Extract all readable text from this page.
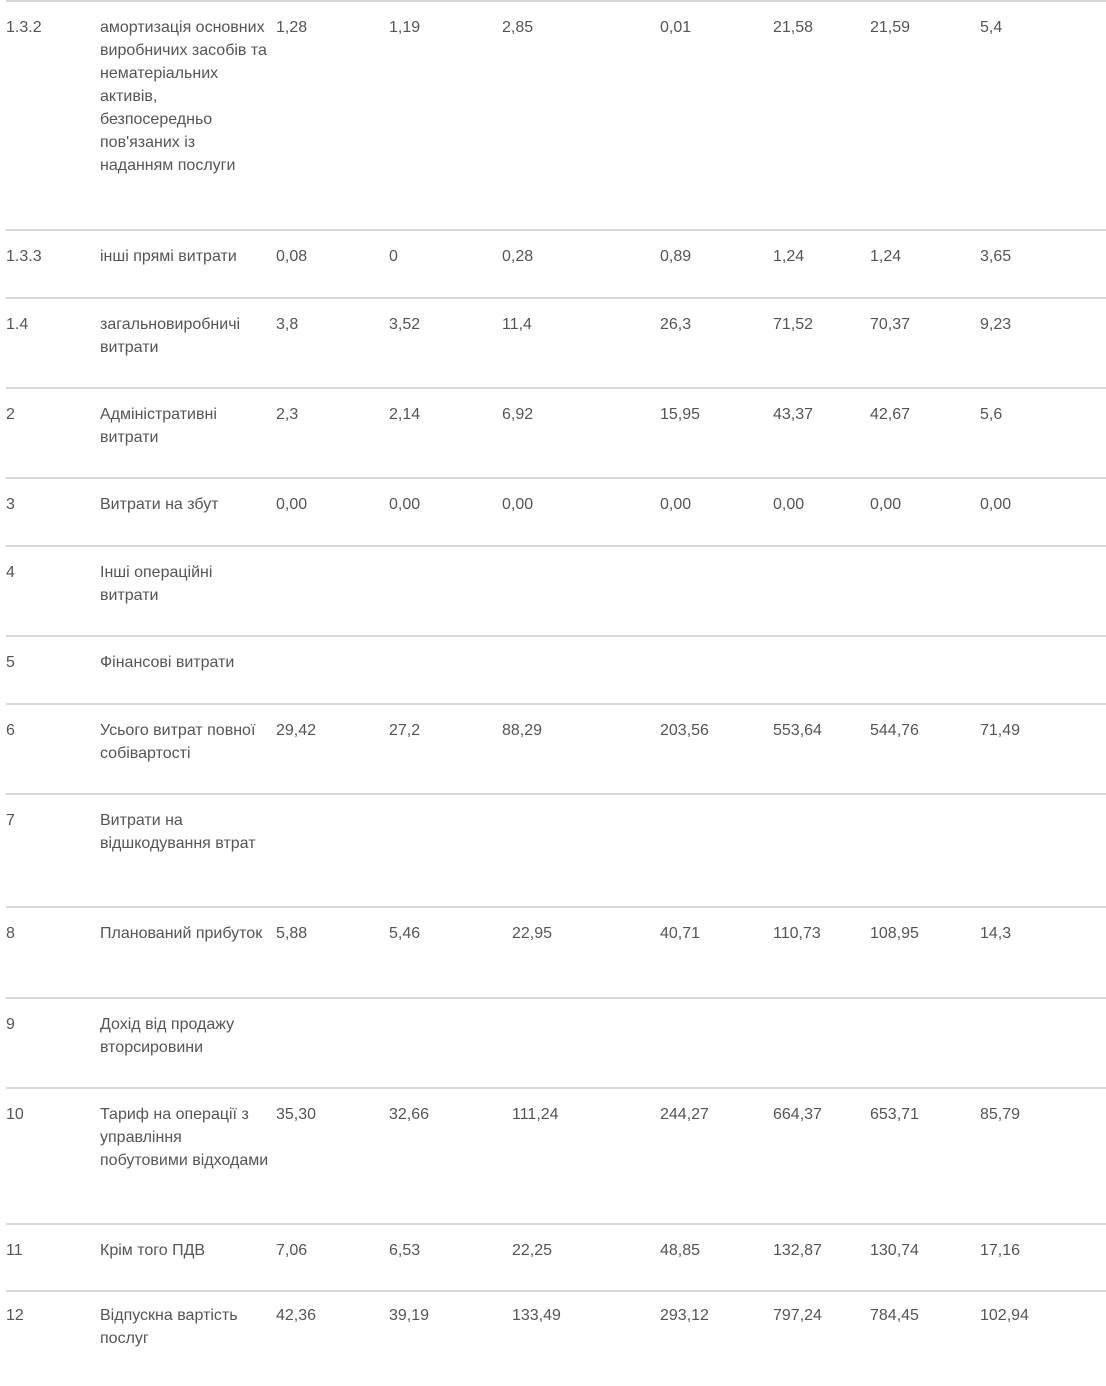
1.3.2	амортизація основних виробничих засобів та нематеріальних активів, безпосередньо пов'язаних із наданням послуги	1,28	1,19	2,85	0,01	21,58	21,59	5,4
1.3.3	інші прямі витрати	0,08	0	0,28	0,89	1,24	1,24	3,65
1.4	загальновиробничі витрати	3,8	3,52	11,4	26,3	71,52	70,37	9,23
2	Адміністративні витрати	2,3	2,14	6,92	15,95	43,37	42,67	5,6
3	Витрати на збут	0,00	0,00	0,00	0,00	0,00	0,00	0,00
4	Інші операційні витрати							
5	Фінансові витрати							
6	Усього витрат повної собівартості	29,42	27,2	88,29	203,56	553,64	544,76	71,49
7	Витрати на відшкодування втрат							
8	Планований прибуток	5,88	5,46	22,95	40,71	110,73	108,95	14,3
9	Дохід від продажу вторсировини							
10	Тариф на операції з управління побутовими відходами	35,30	32,66	111,24	244,27	664,37	653,71	85,79
11	Крім того ПДВ	7,06	6,53	22,25	48,85	132,87	130,74	17,16
12	Відпускна вартість послуг	42,36	39,19	133,49	293,12	797,24	784,45	102,94
